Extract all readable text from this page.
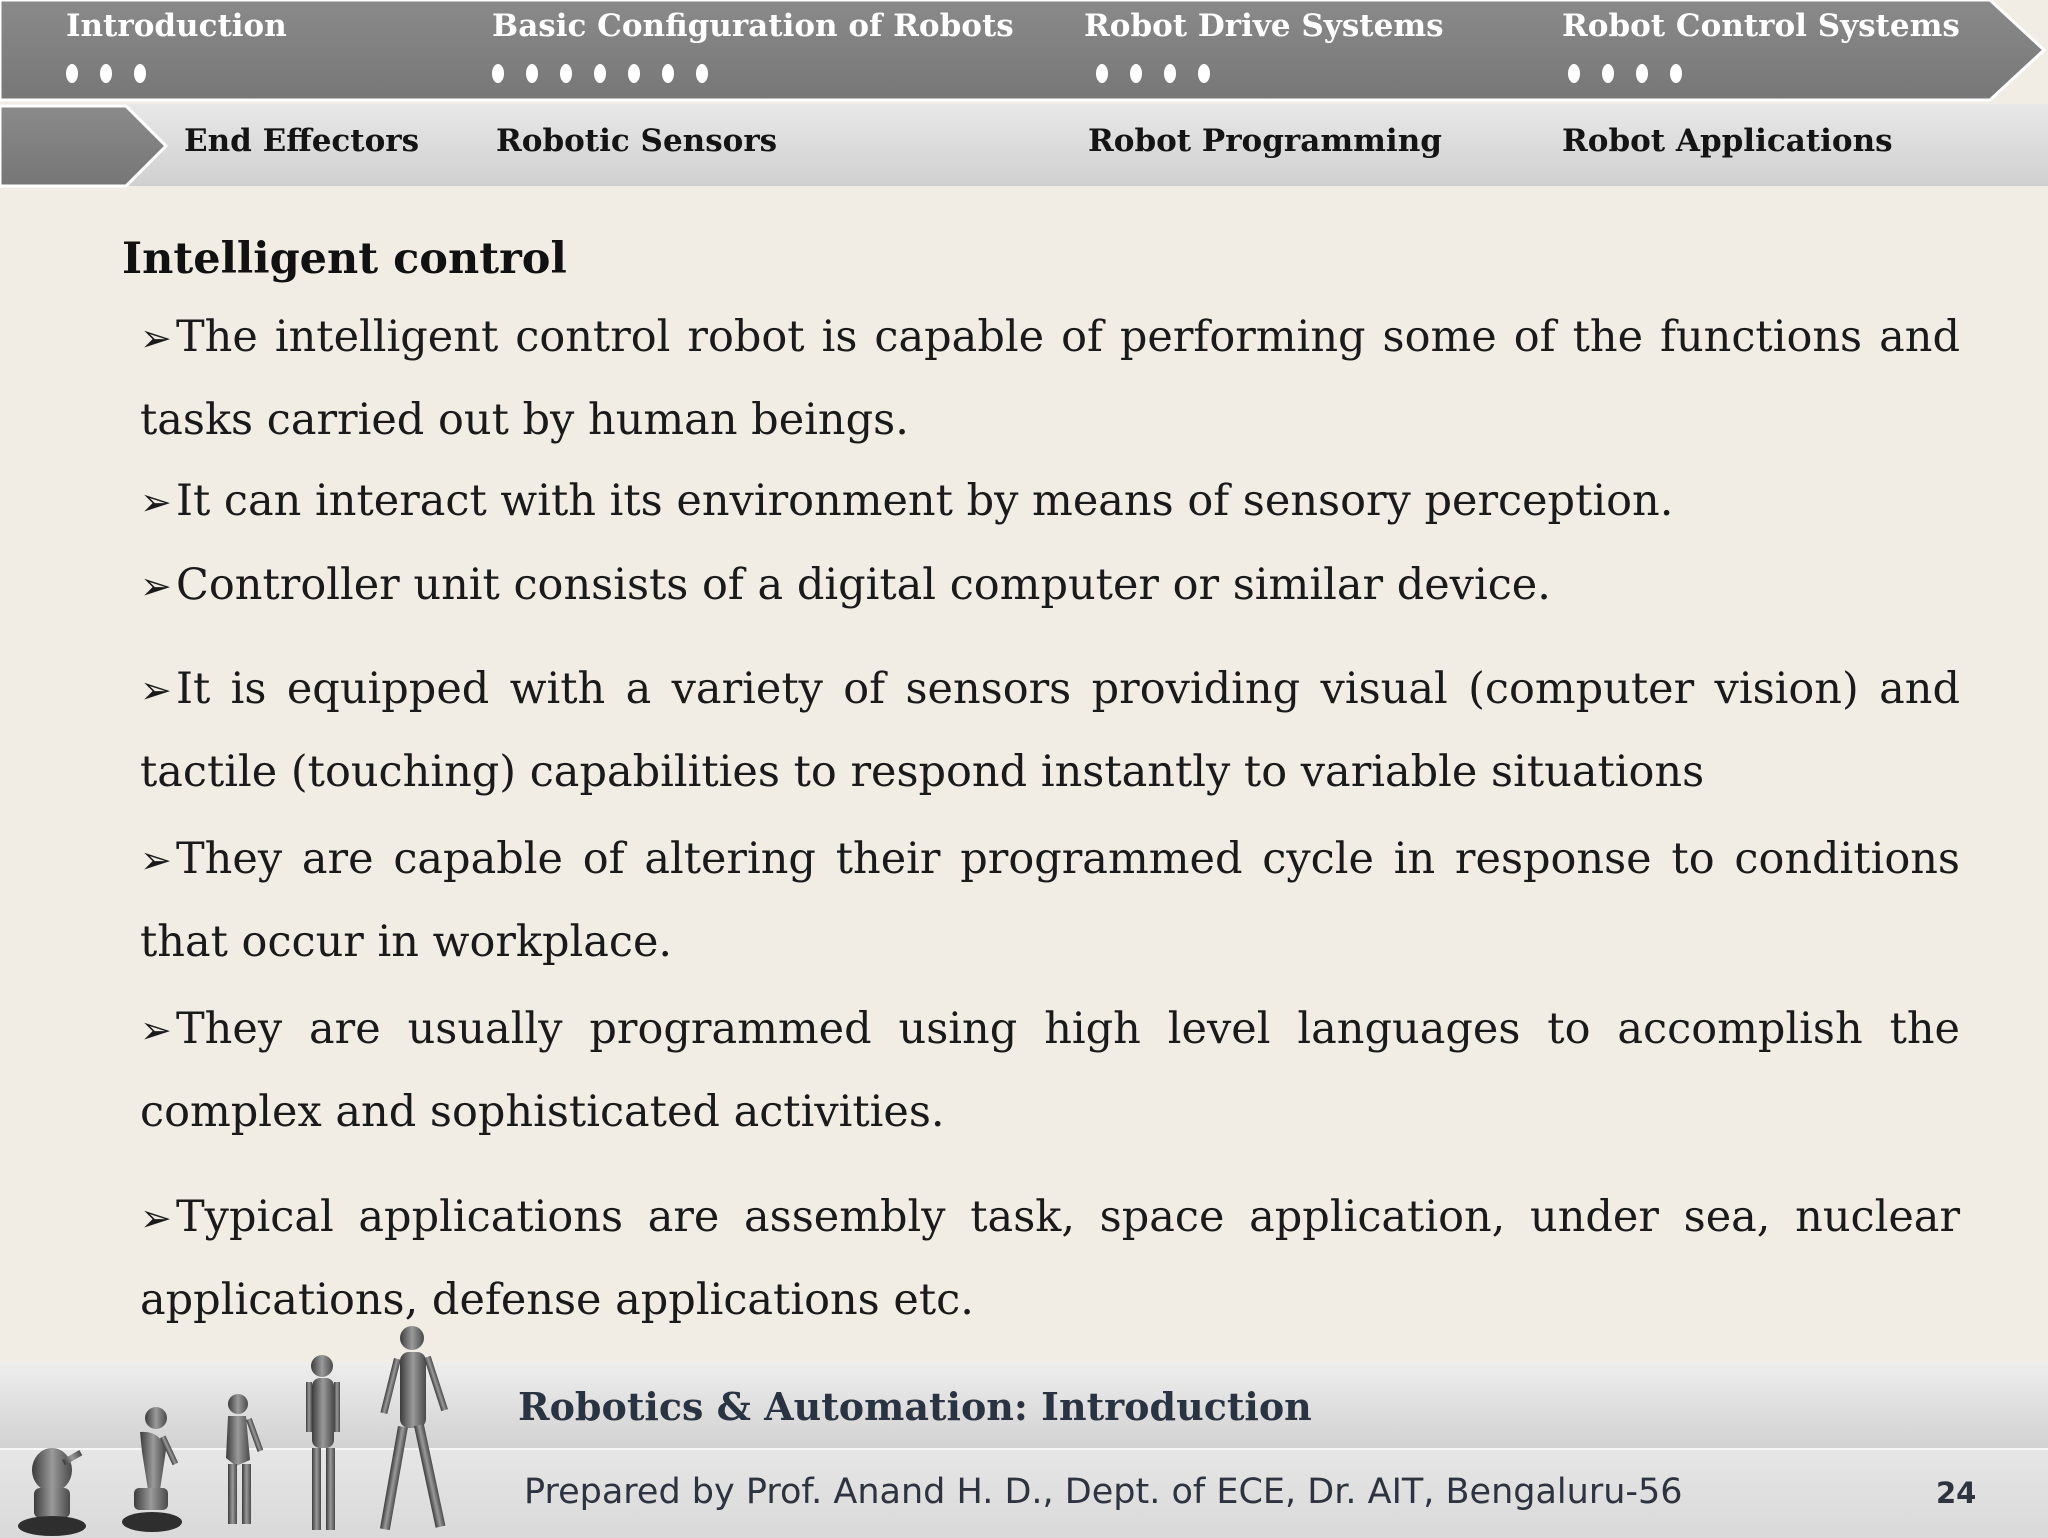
Introduction	Basic Configuration of Robots Robot Drive Systems	Robot Control Systems
End Effectors Robotic Sensors	Robot Programming	Robot Applications
Intelligent control
➢The intelligent control robot is capable of performing some of the functions and
tasks carried out by human beings.
➢It can interact with its environment by means of sensory perception.
➢Controller unit consists of a digital computer or similar device.
➢It is equipped with a variety of sensors providing visual (computer vision) and
tactile (touching) capabilities to respond instantly to variable situations
➢They are capable of altering their programmed cycle in response to conditions
that occur in workplace.
➢They are usually programmed using high level languages to accomplish the
complex and sophisticated activities.
➢Typical applications are assembly task, space application, under sea, nuclear
applications, defense applications etc.
Robotics & Automation: Introduction
Prepared by Prof. Anand H. D., Dept. of ECE, Dr. AIT, Bengaluru-56	24
